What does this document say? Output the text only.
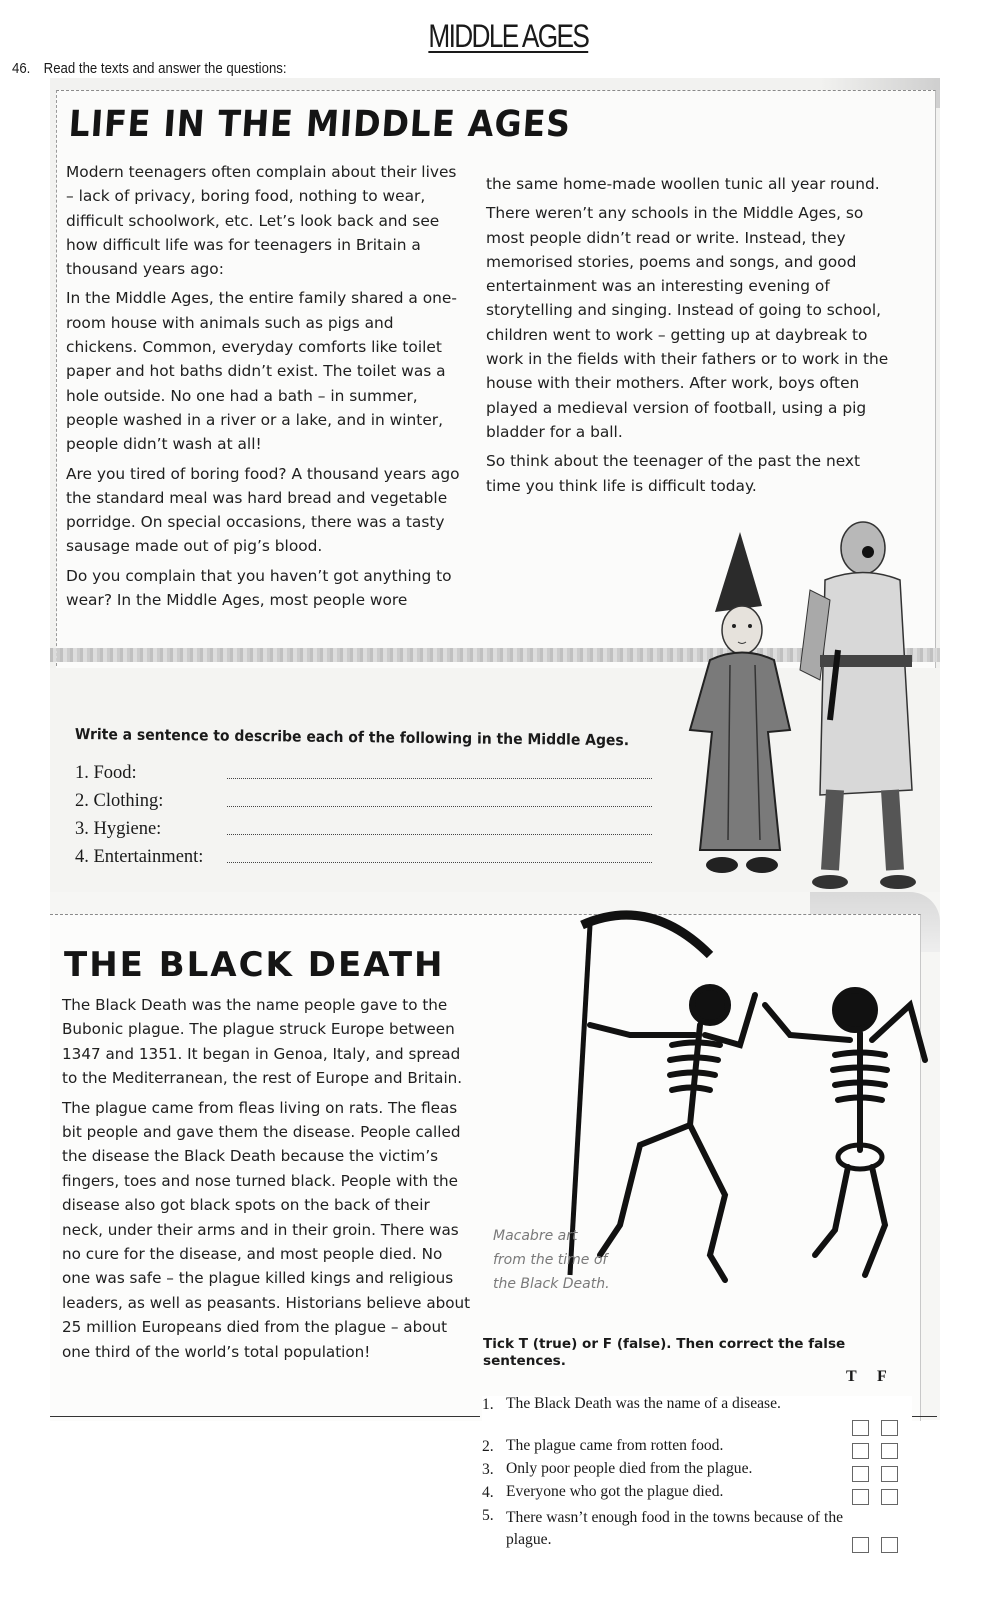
MIDDLE AGES
46. Read the texts and answer the questions:
LIFE IN THE MIDDLE AGES

Modern teenagers often complain about their lives – lack of privacy, boring food, nothing to wear, difficult schoolwork, etc. Let’s look back and see how difficult life was for teenagers in Britain a thousand years ago:

In the Middle Ages, the entire family shared a one-room house with animals such as pigs and chickens. Common, everyday comforts like toilet paper and hot baths didn’t exist. The toilet was a hole outside. No one had a bath – in summer, people washed in a river or a lake, and in winter, people didn’t wash at all!

Are you tired of boring food? A thousand years ago the standard meal was hard bread and vegetable porridge. On special occasions, there was a tasty sausage made out of pig’s blood.

Do you complain that you haven’t got anything to wear? In the Middle Ages, most people wore

the same home-made woollen tunic all year round.

There weren’t any schools in the Middle Ages, so most people didn’t read or write. Instead, they memorised stories, poems and songs, and good entertainment was an interesting evening of storytelling and singing. Instead of going to school, children went to work – getting up at daybreak to work in the fields with their fathers or to work in the house with their mothers. After work, boys often played a medieval version of football, using a pig bladder for a ball.

So think about the teenager of the past the next time you think life is difficult today.

Write a sentence to describe each of the following in the Middle Ages.
1. Food:
2. Clothing:
3. Hygiene:
4. Entertainment:
THE BLACK DEATH

The Black Death was the name people gave to the Bubonic plague. The plague struck Europe between 1347 and 1351. It began in Genoa, Italy, and spread to the Mediterranean, the rest of Europe and Britain.

The plague came from fleas living on rats. The fleas bit people and gave them the disease. People called the disease the Black Death because the victim’s fingers, toes and nose turned black. People with the disease also got black spots on the back of their neck, under their arms and in their groin. There was no cure for the disease, and most people died. No one was safe – the plague killed kings and religious leaders, as well as peasants. Historians believe about 25 million Europeans died from the plague – about one third of the world’s total population!

Macabre art from the time of the Black Death.
Tick T (true) or F (false). Then correct the false sentences.
T F
1. The Black Death was the name of a disease.
2. The plague came from rotten food.
3. Only poor people died from the plague.
4. Everyone who got the plague died.
5. There wasn’t enough food in the towns because of the plague.
